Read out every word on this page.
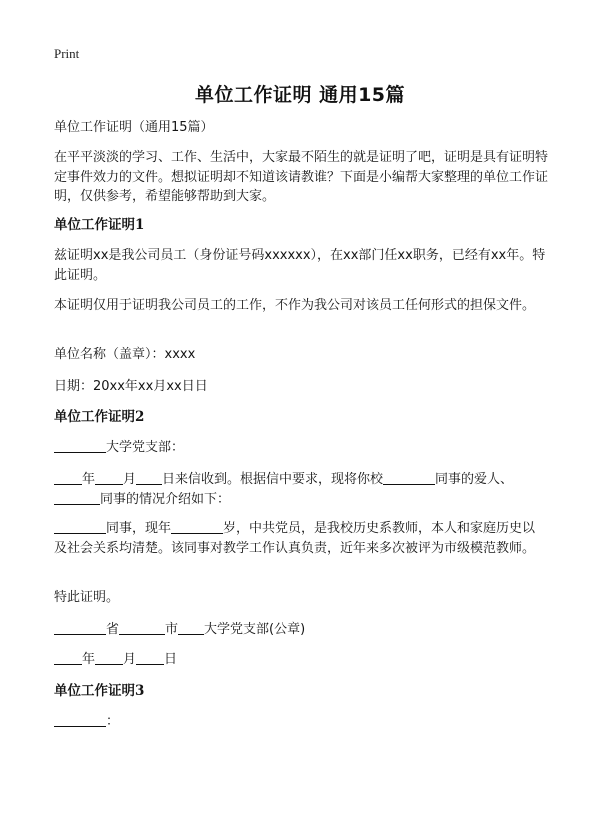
Print
单位工作证明 通用15篇
单位工作证明（通用15篇）
在平平淡淡的学习、工作、生活中，大家最不陌生的就是证明了吧，证明是具有证明特定事件效力的文件。想拟证明却不知道该请教谁？下面是小编帮大家整理的单位工作证明，仅供参考，希望能够帮助到大家。
单位工作证明1
兹证明xx是我公司员工（身份证号码xxxxxx），在xx部门任xx职务，已经有xx年。特此证明。
本证明仅用于证明我公司员工的工作，不作为我公司对该员工任何形式的担保文件。
单位名称（盖章）：xxxx
日期：20xx年xx月xx日日
单位工作证明2
大学党支部：
年 月 日来信收到。根据信中要求，现将你校	同事的爱人、
同事的情况介绍如下：
同事，现年	岁，中共党员，是我校历史系教师，本人和家庭历史以及社会关系均清楚。该同事对教学工作认真负责，近年来多次被评为市级模范教师。
特此证明。
省	市 大学党支部(公章)
年 月 日
单位工作证明3
：
